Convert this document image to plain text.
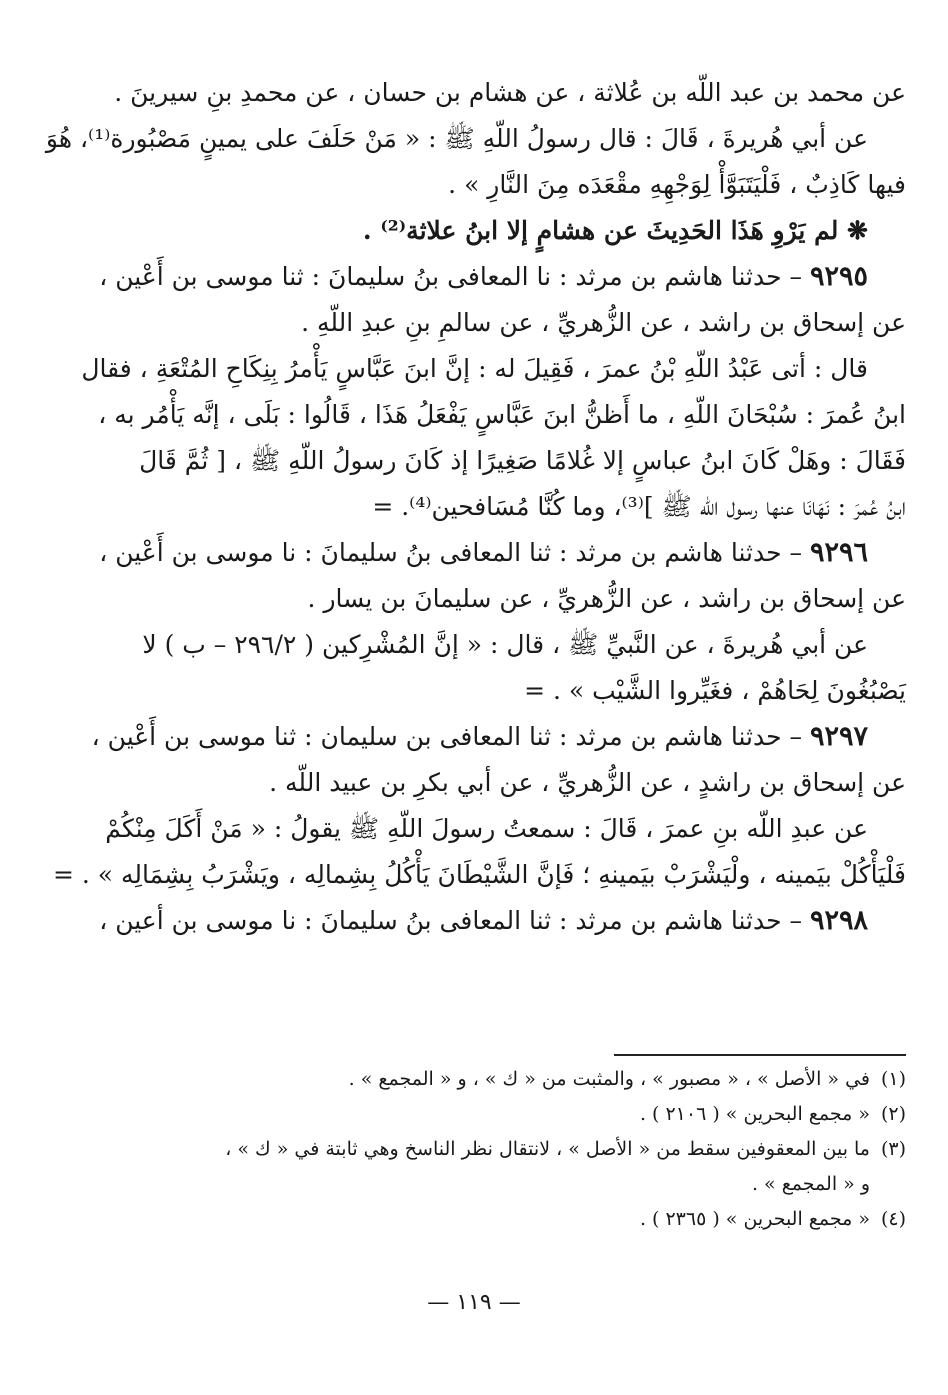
عن محمد بن عبد اللّه بن عُلاثة ، عن هشام بن حسان ، عن محمدِ بنِ سيرينَ .
عن أبي هُريرةَ ، قَالَ : قال رسولُ اللّهِ ﷺ : « مَنْ حَلَفَ على يمينٍ مَصْبُورة⁽¹⁾، هُوَ
فيها كَاذِبٌ ، فَلْيَتَبَوَّأْ لِوَجْهِهِ مقْعَدَه مِنَ النَّارِ » .
❋ لم يَرْوِ هَذَا الحَدِيثَ عن هشامٍ إلا ابنُ علاثة⁽²⁾ .
٩٢٩٥ – حدثنا هاشم بن مرثد : نا المعافى بنُ سليمانَ : ثنا موسى بن أَعْين ،
عن إسحاق بن راشد ، عن الزُّهريِّ ، عن سالمِ بنِ عبدِ اللّهِ .
قال : أتى عَبْدُ اللّهِ بْنُ عمرَ ، فَقِيلَ له : إنَّ ابنَ عَبَّاسٍ يَأْمرُ بِنِكَاحِ المُتْعَةِ ، فقال
ابنُ عُمرَ : سُبْحَانَ اللّهِ ، ما أَظنُّ ابنَ عَبَّاسٍ يَفْعَلُ هَذَا ، قَالُوا : بَلَى ، إنَّه يَأْمُر به ،
فَقَالَ : وهَلْ كَانَ ابنُ عباسٍ إلا غُلامًا صَغِيرًا إذ كَانَ رسولُ اللّهِ ﷺ ، [ ثُمَّ قَالَ
ابنُ عُمرَ : نَهَانَا عنها رسول اللّه ﷺ ]⁽³⁾، وما كُنَّا مُسَافحين⁽⁴⁾. =
٩٢٩٦ – حدثنا هاشم بن مرثد : ثنا المعافى بنُ سليمانَ : نا موسى بن أَعْين ،
عن إسحاق بن راشد ، عن الزُّهريِّ ، عن سليمانَ بن يسار .
عن أبي هُريرةَ ، عن النَّبيِّ ﷺ ، قال : « إنَّ المُشْرِكين ( ٢٩٦/٢ – ب ) لا
يَصْبُغُونَ لِحَاهُمْ ، فغَيِّروا الشَّيْب » . =
٩٢٩٧ – حدثنا هاشم بن مرثد : ثنا المعافى بن سليمان : ثنا موسى بن أَعْين ،
عن إسحاق بن راشدٍ ، عن الزُّهريِّ ، عن أبي بكرِ بن عبيد اللّه .
عن عبدِ اللّه بنِ عمرَ ، قَالَ : سمعتُ رسولَ اللّهِ ﷺ يقولُ : « مَنْ أَكَلَ مِنْكُمْ
فَلْيَأْكُلْ بيَمينه ، ولْيَشْرَبْ بيَمينهِ ؛ فَإنَّ الشَّيْطَانَ يَأْكُلُ بِشِمالِه ، ويَشْرَبُ بِشِمَالِه » . =
٩٢٩٨ – حدثنا هاشم بن مرثد : ثنا المعافى بنُ سليمانَ : نا موسى بن أعين ،
(١)في « الأصل » ، « مصبور » ، والمثبت من « ك » ، و « المجمع » .
(٢)« مجمع البحرين » ( ٢١٠٦ ) .
(٣)ما بين المعقوفين سقط من « الأصل » ، لانتقال نظر الناسخ وهي ثابتة في « ك » ،
و « المجمع » .
(٤)« مجمع البحرين » ( ٢٣٦٥ ) .
— ١١٩ —
